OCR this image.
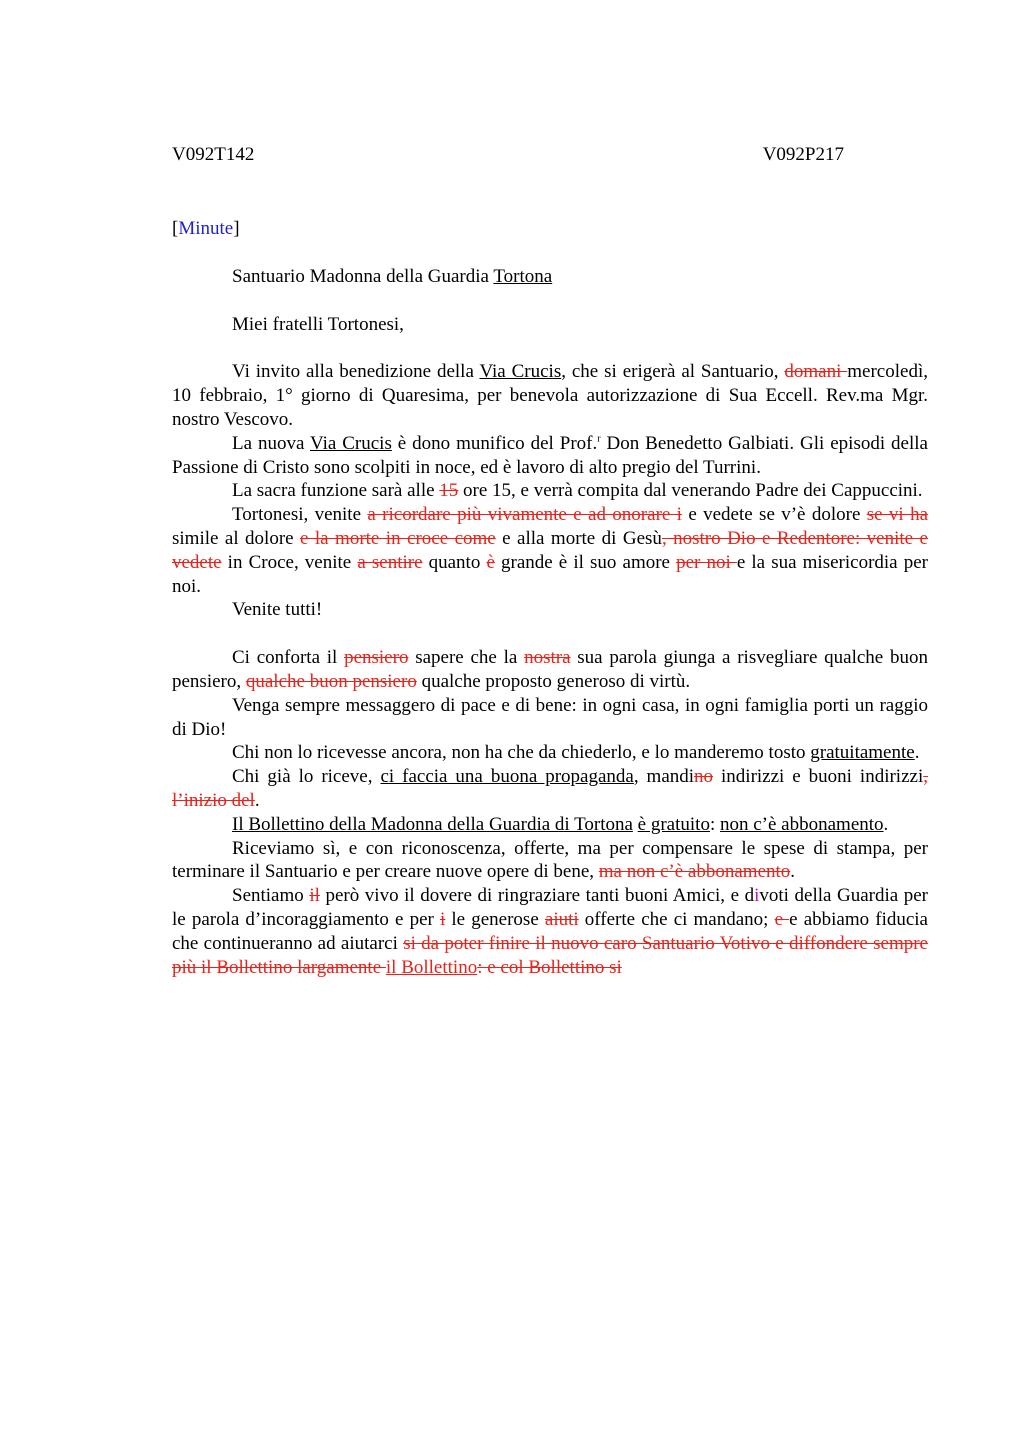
V092T142	V092P217
[Minute]
Santuario Madonna della Guardia Tortona
Miei fratelli Tortonesi,

Vi invito alla benedizione della Via Crucis, che si erigerà al Santuario, domani mercoledì, 10 febbraio, 1° giorno di Quaresima, per benevola autorizzazione di Sua Eccell. Rev.ma Mgr. nostro Vescovo.

La nuova Via Crucis è dono munifico del Prof.$^r$ Don Benedetto Galbiati. Gli episodi della Passione di Cristo sono scolpiti in noce, ed è lavoro di alto pregio del Turrini.

La sacra funzione sarà alle 15 ore 15, e verrà compita dal venerando Padre dei Cappuccini.

Tortonesi, venite a ricordare più vivamente e ad onorare i e vedete se v’è dolore se vi ha simile al dolore e la morte in croce come e alla morte di Gesù, nostro Dio e Redentore: venite e vedete in Croce, venite a sentire quanto è grande è il suo amore per noi e la sua misericordia per noi.

Venite tutti!

Ci conforta il pensiero sapere che la nostra sua parola giunga a risvegliare qualche buon pensiero, qualche buon pensiero qualche proposto generoso di virtù.

Venga sempre messaggero di pace e di bene: in ogni casa, in ogni famiglia porti un raggio di Dio!

Chi non lo ricevesse ancora, non ha che da chiederlo, e lo manderemo tosto gratuitamente.

Chi già lo riceve, ci faccia una buona propaganda, mandino indirizzi e buoni indirizzi, l’inizio del.

Il Bollettino della Madonna della Guardia di Tortona è gratuito: non c’è abbonamento.

Riceviamo sì, e con riconoscenza, offerte, ma per compensare le spese di stampa, per terminare il Santuario e per creare nuove opere di bene, ma non c’è abbonamento.

Sentiamo il però vivo il dovere di ringraziare tanti buoni Amici, e divoti della Guardia per le parola d’incoraggiamento e per i le generose aiuti offerte che ci mandano; e e abbiamo fiducia che continueranno ad aiutarci si da poter finire il nuovo caro Santuario Votivo e diffondere sempre più il Bollettino largamente il Bollettino: e col Bollettino si
